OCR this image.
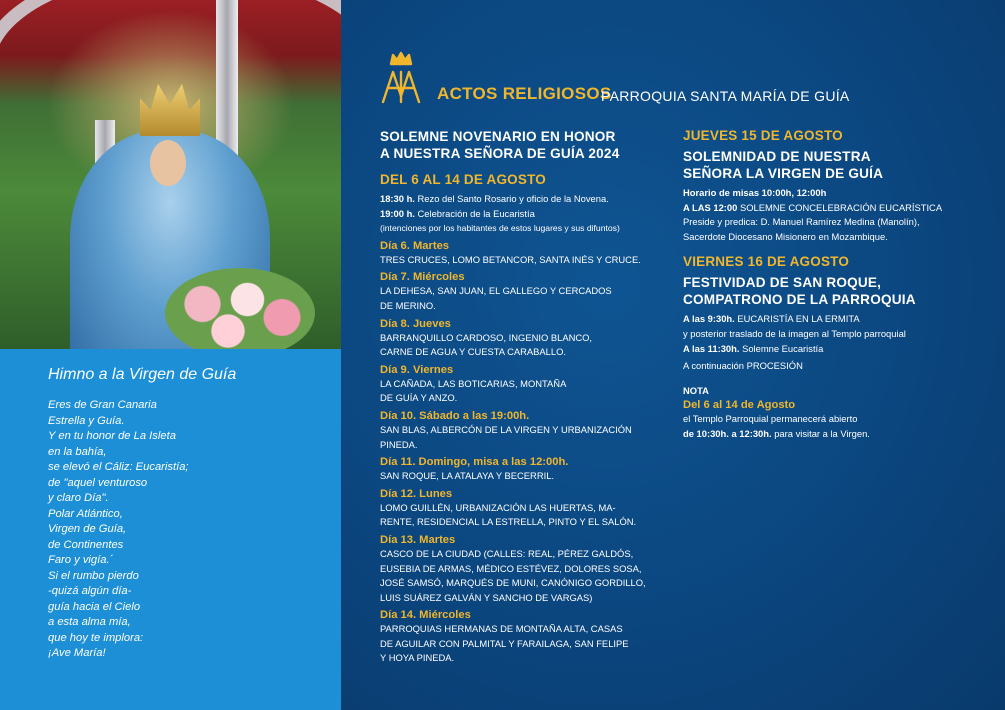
Himno a la Virgen de Guía
Eres de Gran Canaria
Estrella y Guía.
Y en tu honor de La Isleta
en la bahía,
se elevó el Cáliz: Eucaristía;
de "aquel venturoso
y claro Día".
Polar Atlántico,
Virgen de Guía,
de Continentes
Faro y vigía.´
Si el rumbo pierdo
-quizá algún día-
guía hacia el Cielo
a esta alma mía,
que hoy te implora:
¡Ave María!
ACTOS RELIGIOSOS
PARROQUIA SANTA MARÍA DE GUÍA
SOLEMNE NOVENARIO EN HONOR
A NUESTRA SEÑORA DE GUÍA 2024
DEL 6 AL 14 DE AGOSTO
18:30 h. Rezo del Santo Rosario y oficio de la Novena.
19:00 h. Celebración de la Eucaristía
(intenciones por los habitantes de estos lugares y sus difuntos)
Día 6. Martes
TRES CRUCES, LOMO BETANCOR, SANTA INÉS Y CRUCE.
Día 7. Miércoles
LA DEHESA, SAN JUAN, EL GALLEGO Y CERCADOS
DE MERINO.
Día 8. Jueves
BARRANQUILLO CARDOSO, INGENIO BLANCO,
CARNE DE AGUA Y CUESTA CARABALLO.
Día 9. Viernes
LA CAÑADA, LAS BOTICARIAS, MONTAÑA
DE GUÍA Y ANZO.
Día 10. Sábado a las 19:00h.
SAN BLAS, ALBERCÓN DE LA VIRGEN Y URBANIZACIÓN
PINEDA.
Día 11. Domingo, misa a las 12:00h.
SAN ROQUE, LA ATALAYA Y BECERRIL.
Día 12. Lunes
LOMO GUILLÉN, URBANIZACIÓN LAS HUERTAS, MA-
RENTE, RESIDENCIAL LA ESTRELLA, PINTO Y EL SALÓN.
Día 13. Martes
CASCO DE LA CIUDAD (CALLES: REAL, PÉREZ GALDÓS,
EUSEBIA DE ARMAS, MÉDICO ESTÉVEZ, DOLORES SOSA,
JOSÉ SAMSÓ, MARQUÉS DE MUNI, CANÓNIGO GORDILLO,
LUIS SUÁREZ GALVÁN Y SANCHO DE VARGAS)
Día 14. Miércoles
PARROQUIAS HERMANAS DE MONTAÑA ALTA, CASAS
DE AGUILAR CON PALMITAL Y FARAILAGA, SAN FELIPE
Y HOYA PINEDA.
JUEVES 15 DE AGOSTO
SOLEMNIDAD DE NUESTRA
SEÑORA LA VIRGEN DE GUÍA
Horario de misas 10:00h, 12:00h
A LAS 12:00 SOLEMNE CONCELEBRACIÓN EUCARÍSTICA
Preside y predica: D. Manuel Ramírez Medina (Manolín),
Sacerdote Diocesano Misionero en Mozambique.
VIERNES 16 DE AGOSTO
FESTIVIDAD DE SAN ROQUE,
COMPATRONO DE LA PARROQUIA
A las 9:30h. EUCARISTÍA EN LA ERMITA
y posterior traslado de la imagen al Templo parroquial
A las 11:30h. Solemne Eucaristía
A continuación PROCESIÓN
NOTA
Del 6 al 14 de Agosto
el Templo Parroquial permanecerá abierto
de 10:30h. a 12:30h. para visitar a la Virgen.
